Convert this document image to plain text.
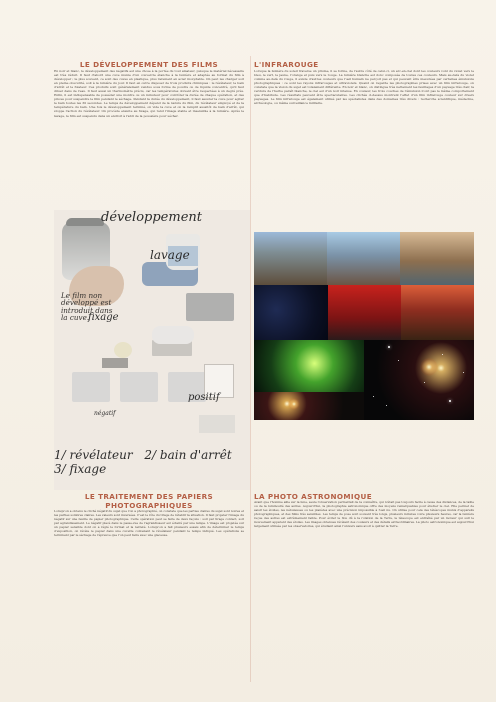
LE DÉVELOPPEMENT DES FILMS

En noir et blanc, le développement des négatifs est une chose à la portée du tout amateur, puisque le matériel nécessaire est très réduit. Il faut d'abord une cuve munie d'un couvercle étanche à la lumière et adaptée au format du film à développer ; le plus souvent, ce sont des cuves en plastique, plus rarement en acier inoxydable. On peut les charger soit en pleine obscurité, soit à la lumière du jour. Il faut en outre disposer de trois produits chimiques : le révélateur, le bain d'arrêt et le fixateur. Ces produits sont généralement vendus sous forme de poudre ou de liquide concentré, qu'il faut diluer dans de l'eau. Il faut aussi un thermomètre précis, car les températures doivent être respectées à un degré près. Enfin, il est indispensable de posséder une montre ou un minuteur pour contrôler la durée de chaque opération, et des pinces pour suspendre le film pendant le séchage. Pendant la durée du développement, il faut assurer la cuve pour agiter le bain toutes les 30 secondes. Le temps de développement dépend de la nature du film, du révélateur employé et de la température du bain. Une fois le développement terminé, on vide la cuve et on la remplit aussitôt de bain d'arrêt, qui stoppe l'action du révélateur. On procède ensuite au fixage, qui rend l'image stable et insensible à la lumière. Après le lavage, le film est suspendu dans un endroit à l'abri de la poussière pour sécher.

développement
lavage
fixage
positif
Le film non développé est introduit dans la cuve.
négatif
1/ révélateur 2/ bain d'arrêt 3/ fixage
L'INFRAROUGE

Lorsque la lumière du soleil traverse un prisme, il se forme, de l'autre côté de celui-ci, un arc-en-ciel dont les couleurs vont du violet vers le bleu, le vert, le jaune, l'orange et puis vers le rouge. La lumière blanche est donc composée de toutes ces couleurs. Mais au-delà du violet comme au-delà du rouge, il existe d'autres couleurs que l'œil humain ne perçoit pas et qui peuvent être mesurées par certaines émulsions photographiques : ce sont les rayons infrarouges et ultraviolets. Quand on regarde les photographies prises avec un film infrarouge, on constate que la vision du sujet est totalement différente. En noir et blanc, on distingue très nettement les feuillages d'un paysage très clair, la verdure de l'herbe paraît blanche, le ciel est d'un noir intense. En couleur, les trois couches de l'émulsion n'ont pas le même comportement que d'habitude. Les résultats peuvent être spectaculaires. Les clichés ci-dessus montrent l'effet d'un film infrarouge couleur sur divers paysages. Le film infrarouge est également utilisé par les spécialistes dans des domaines très divers : recherche scientifique, médecine, archéologie, ou même surveillance militaire.

LE TRAITEMENT DES PAPIERS PHOTOGRAPHIQUES

Lorsqu'on a obtenu le cliché négatif du sujet que l'on a photographié, on constate que les parties claires du sujet sont noires et les parties sombres claires. Les valeurs sont inversées. C'est le rôle du tirage de rétablir la situation. Il faut projeter l'image du négatif sur une feuille de papier photographique. Cette opération peut se faire de deux façons : soit par tirage contact, soit par agrandissement. Le négatif placé dans le passe-vue de l'agrandisseur est éclairé par une lampe. L'image est projetée sur un papier sensible dont on a réglé le format et la netteté. Lorsqu'on a fait plusieurs essais afin de déterminer le temps d'exposition, on révèle le papier dans une cuvette contenant le révélateur pendant le temps indiqué. Les opérations se terminent par le séchage de l'épreuve que l'on peut faire avec une glaceuse.

LA PHOTO ASTRONOMIQUE

Avant que l'homme aille sur la lune, seule l'observation permettait de la connaître, qui n'était pas toujours facile à cause des distances, de la taille ou de la luminosité des astres. Aujourd'hui, la photographie astronomique offre des moyens remarquables pour étudier le ciel. Elle permet de saisir les étoiles, les nébuleuses ou les planètes avec une précision impossible à l'œil nu. On utilise pour cela des téléscopes munis d'appareils photographiques, et des films très sensibles. Les temps de pose sont souvent très longs, plusieurs minutes voire plusieurs heures, car la lumière reçue des astres est extrêmement faible. Pour éviter le flou dû à la rotation de la Terre, le télescope est entraîné par un moteur qui suit le mouvement apparent des étoiles. Les images obtenues révèlent des couleurs et des détails extraordinaires. La photo astronomique est aujourd'hui largement utilisée par les observatoires, qui étudient ainsi l'univers sans avoir à quitter la Terre.
